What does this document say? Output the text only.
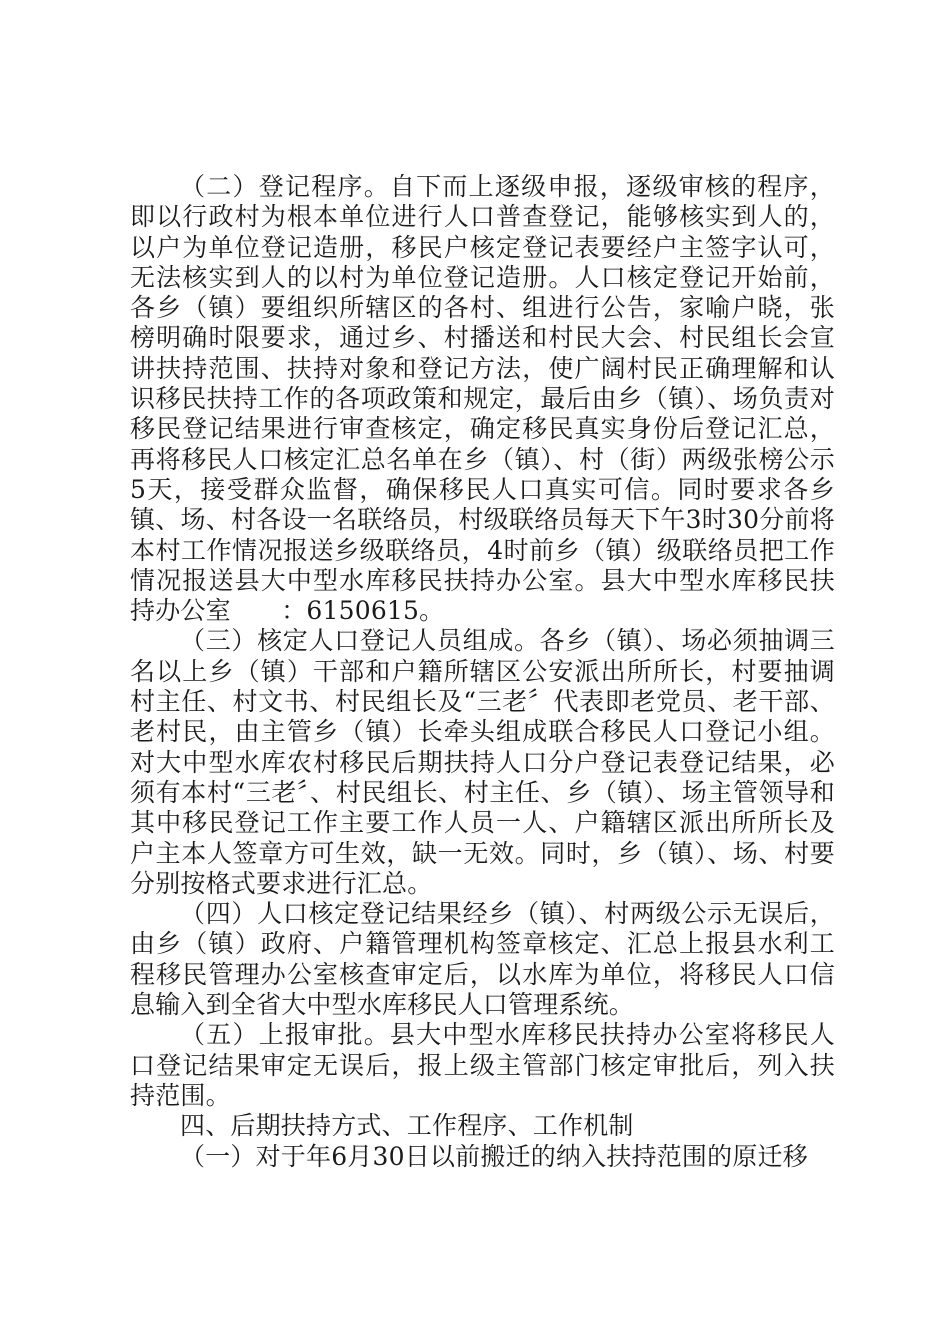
（二）登记程序。自下而上逐级申报，逐级审核的程序，即以行政村为根本单位进行人口普查登记，能够核实到人的，以户为单位登记造册，移民户核定登记表要经户主签字认可，无法核实到人的以村为单位登记造册。人口核定登记开始前，各乡（镇）要组织所辖区的各村、组进行公告，家喻户晓，张榜明确时限要求，通过乡、村播送和村民大会、村民组长会宣讲扶持范围、扶持对象和登记方法，使广阔村民正确理解和认识移民扶持工作的各项政策和规定，最后由乡（镇）、场负责对移民登记结果进行审查核定，确定移民真实身份后登记汇总，再将移民人口核定汇总名单在乡（镇）、村（街）两级张榜公示5天，接受群众监督，确保移民人口真实可信。同时要求各乡镇、场、村各设一名联络员，村级联络员每天下午3时30分前将本村工作情况报送乡级联络员，4时前乡（镇）级联络员把工作情况报送县大中型水库移民扶持办公室。县大中型水库移民扶持办公室　　：6150615。

（三）核定人口登记人员组成。各乡（镇）、场必须抽调三名以上乡（镇）干部和户籍所辖区公安派出所所长，村要抽调村主任、村文书、村民组长及“三老〞代表即老党员、老干部、老村民，由主管乡（镇）长牵头组成联合移民人口登记小组。对大中型水库农村移民后期扶持人口分户登记表登记结果，必须有本村“三老〞、村民组长、村主任、乡（镇）、场主管领导和其中移民登记工作主要工作人员一人、户籍辖区派出所所长及户主本人签章方可生效，缺一无效。同时，乡（镇）、场、村要分别按格式要求进行汇总。

（四）人口核定登记结果经乡（镇）、村两级公示无误后，由乡（镇）政府、户籍管理机构签章核定、汇总上报县水利工程移民管理办公室核查审定后，以水库为单位，将移民人口信息输入到全省大中型水库移民人口管理系统。

（五）上报审批。县大中型水库移民扶持办公室将移民人口登记结果审定无误后，报上级主管部门核定审批后，列入扶持范围。

四、后期扶持方式、工作程序、工作机制

（一）对于年6月30日以前搬迁的纳入扶持范围的原迁移
